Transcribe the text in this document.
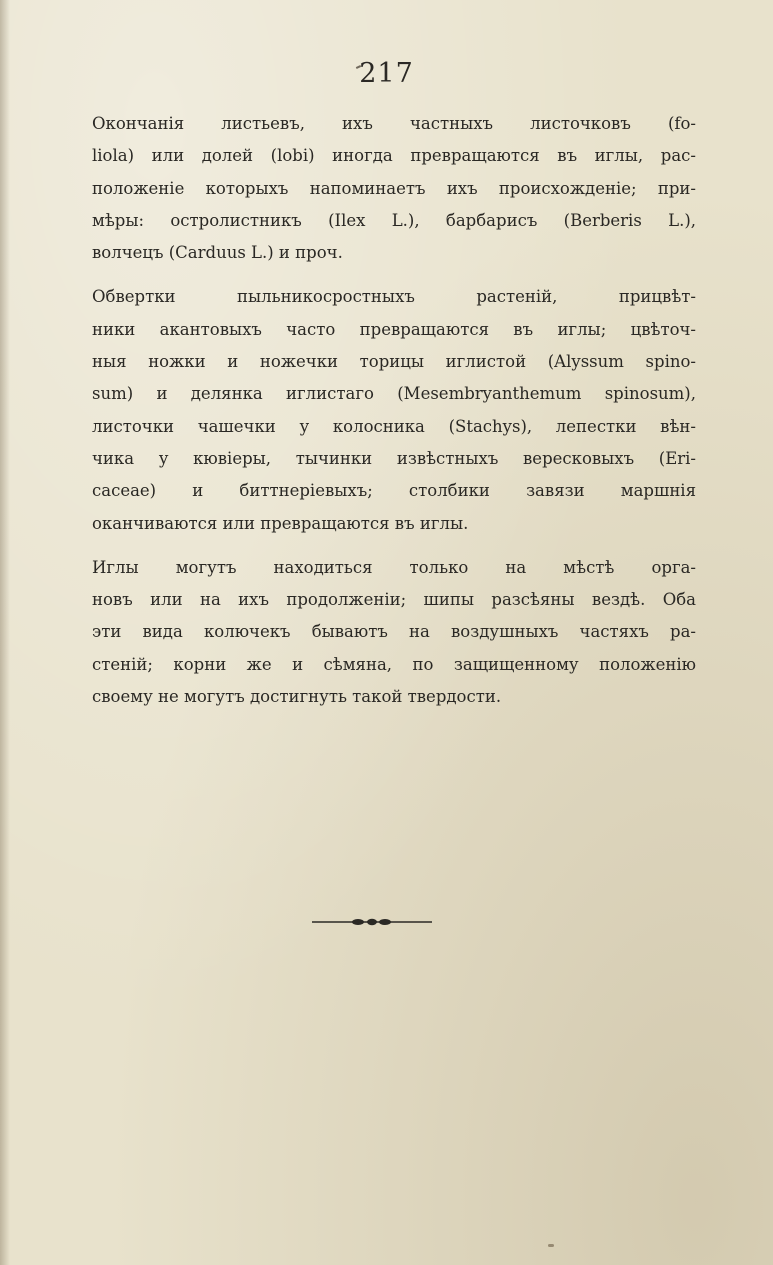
217
Окончанія листьевъ, ихъ частныхъ листочковъ (fo-
liola) или долей (lobi) иногда превращаются въ иглы, рас-
положеніе которыхъ напоминаетъ ихъ происхожденіе; при-
мѣры: остролистникъ (Ilex L.), барбарисъ (Berberis L.),
волчецъ (Carduus L.) и проч.
Обвертки пыльникосростныхъ растеній, прицвѣт-
ники акантовыхъ часто превращаются въ иглы; цвѣточ-
ныя ножки и ножечки торицы иглистой (Alyssum spino-
sum) и делянка иглистаго (Mesembryanthemum spinosum),
листочки чашечки у колосника (Stachys), лепестки вѣн-
чика у кювіеры, тычинки извѣстныхъ вересковыхъ (Eri-
caceae) и биттнеріевыхъ; столбики завязи маршнія
оканчиваются или превращаются въ иглы.
Иглы могутъ находиться только на мѣстѣ орга-
новъ или на ихъ продолженіи; шипы разсѣяны вездѣ. Оба
эти вида колючекъ бываютъ на воздушныхъ частяхъ ра-
стеній; корни же и сѣмяна, по защищенному положенію
своему не могутъ достигнуть такой твердости.
